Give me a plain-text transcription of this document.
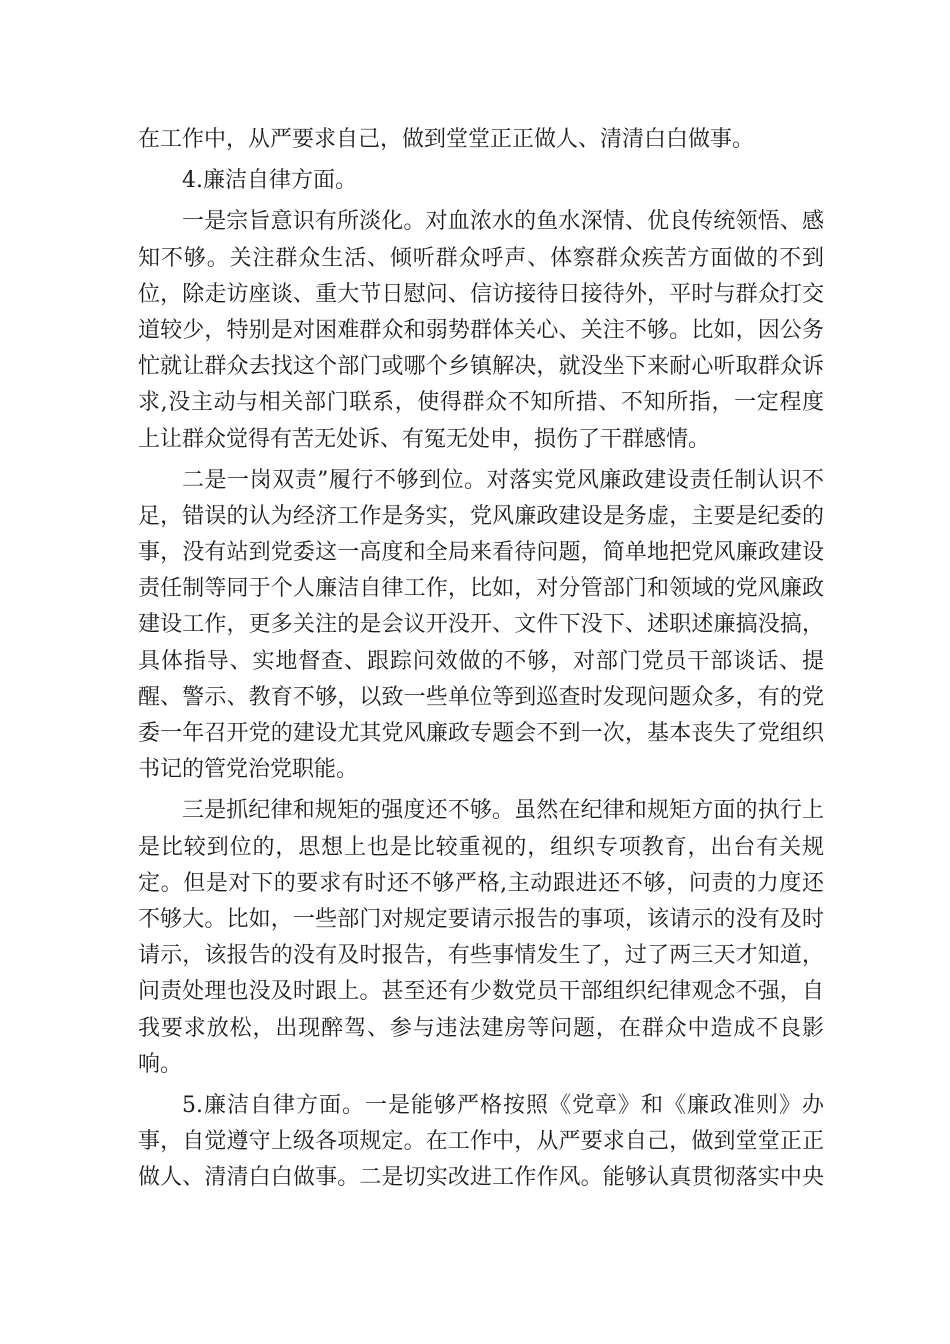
在工作中，从严要求自己，做到堂堂正正做人、清清白白做事。
4.廉洁自律方面。
一是宗旨意识有所淡化。对血浓水的鱼水深情、优良传统领悟、感
知不够。关注群众生活、倾听群众呼声、体察群众疾苦方面做的不到
位，除走访座谈、重大节日慰问、信访接待日接待外，平时与群众打交
道较少，特别是对困难群众和弱势群体关心、关注不够。比如，因公务
忙就让群众去找这个部门或哪个乡镇解决，就没坐下来耐心听取群众诉
求,没主动与相关部门联系，使得群众不知所措、不知所指，一定程度
上让群众觉得有苦无处诉、有冤无处申，损伤了干群感情。
二是一岗双责”履行不够到位。对落实党风廉政建设责任制认识不
足，错误的认为经济工作是务实，党风廉政建设是务虚，主要是纪委的
事，没有站到党委这一高度和全局来看待问题，简单地把党风廉政建设
责任制等同于个人廉洁自律工作，比如，对分管部门和领域的党风廉政
建设工作，更多关注的是会议开没开、文件下没下、述职述廉搞没搞，
具体指导、实地督查、跟踪问效做的不够，对部门党员干部谈话、提
醒、警示、教育不够，以致一些单位等到巡查时发现问题众多，有的党
委一年召开党的建设尤其党风廉政专题会不到一次，基本丧失了党组织
书记的管党治党职能。
三是抓纪律和规矩的强度还不够。虽然在纪律和规矩方面的执行上
是比较到位的，思想上也是比较重视的，组织专项教育，出台有关规
定。但是对下的要求有时还不够严格,主动跟进还不够，问责的力度还
不够大。比如，一些部门对规定要请示报告的事项，该请示的没有及时
请示，该报告的没有及时报告，有些事情发生了，过了两三天才知道，
问责处理也没及时跟上。甚至还有少数党员干部组织纪律观念不强，自
我要求放松，出现醉驾、参与违法建房等问题，在群众中造成不良影
响。
5.廉洁自律方面。一是能够严格按照《党章》和《廉政准则》办
事，自觉遵守上级各项规定。在工作中，从严要求自己，做到堂堂正正
做人、清清白白做事。二是切实改进工作作风。能够认真贯彻落实中央
